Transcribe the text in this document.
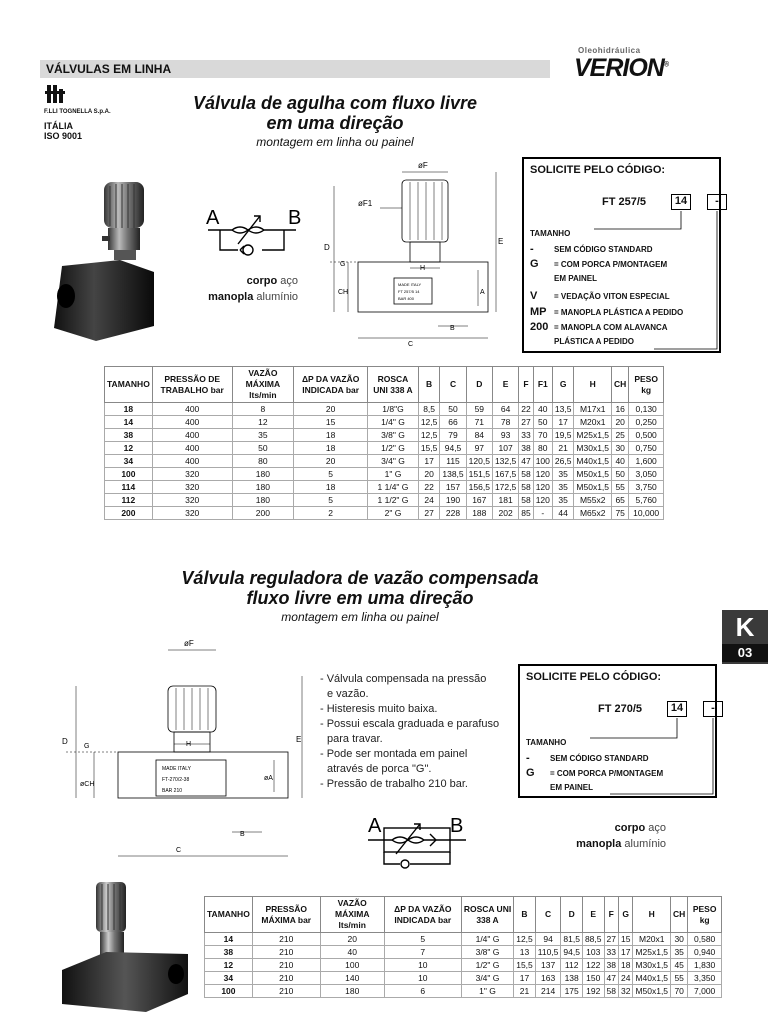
VÁLVULAS EM LINHA
Oleohidráulica
VERION®
F.LLI TOGNELLA S.p.A.
ITÁLIA
ISO 9001
Válvula de agulha com fluxo livre
em uma direção
montagem em linha ou painel
A	B
corpo aço
manopla alumínio
øF
øF1
D
E
G
CH
H
A
B
C
MADE ITALY
FT 257/5 14
BAR 400
SOLICITE PELO CÓDIGO:
FT 257/5	14	-
TAMANHO
-	SEM CÓDIGO STANDARD
G = COM PORCA P/MONTAGEM
EM PAINEL
V = VEDAÇÃO VITON ESPECIAL
MP = MANOPLA PLÁSTICA A PEDIDO
200 = MANOPLA COM ALAVANCA
PLÁSTICA A PEDIDO
TAMANHO	PRESSÃO DE TRABALHO bar	VAZÃO MÁXIMA lts/min	ΔP DA VAZÃO INDICADA bar	ROSCA UNI 338 A	B	C	D	E	F	F1	G	H	CH	PESO kg
18	400	8	20	1/8"G	8,5	50	59	64	22	40	13,5	M17x1	16	0,130
14	400	12	15	1/4" G	12,5	66	71	78	27	50	17	M20x1	20	0,250
38	400	35	18	3/8" G	12,5	79	84	93	33	70	19,5	M25x1,5	25	0,500
12	400	50	18	1/2" G	15,5	94,5	97	107	38	80	21	M30x1,5	30	0,750
34	400	80	20	3/4" G	17	115	120,5	132,5	47	100	26,5	M40x1,5	40	1,600
100	320	180	5	1" G	20	138,5	151,5	167,5	58	120	35	M50x1,5	50	3,050
114	320	180	18	1 1/4" G	22	157	156,5	172,5	58	120	35	M50x1,5	55	3,750
112	320	180	5	1 1/2" G	24	190	167	181	58	120	35	M55x2	65	5,760
200	320	200	2	2" G	27	228	188	202	85	-	44	M65x2	75	10,000
K
03
Válvula reguladora de vazão compensada
fluxo livre em uma direção
montagem em linha ou painel
øF
D
G
E
H
øCH
øA
B
C
MADE ITALY
FT-270/2-38
BAR 210
- Válvula compensada na pressão
e vazão.
- Histeresis muito baixa.
- Possui escala graduada e parafuso
para travar.
- Pode ser montada em painel
através de porca "G".
- Pressão de trabalho 210 bar.
SOLICITE PELO CÓDIGO:
FT 270/5	14	-
TAMANHO
-	SEM CÓDIGO STANDARD
G = COM PORCA P/MONTAGEM
EM PAINEL
A	B	corpo aço
manopla alumínio
TAMANHO	PRESSÃO MÁXIMA bar	VAZÃO MÁXIMA lts/min	ΔP DA VAZÃO INDICADA bar	ROSCA UNI 338 A	B	C	D	E	F	G	H	CH	PESO kg
14	210	20	5	1/4" G	12,5	94	81,5	88,5	27	15	M20x1	30	0,580
38	210	40	7	3/8" G	13	110,5	94,5	103	33	17	M25x1,5	35	0,940
12	210	100	10	1/2" G	15,5	137	112	122	38	18	M30x1,5	45	1,830
34	210	140	10	3/4" G	17	163	138	150	47	24	M40x1,5	55	3,350
100	210	180	6	1" G	21	214	175	192	58	32	M50x1,5	70	7,000
